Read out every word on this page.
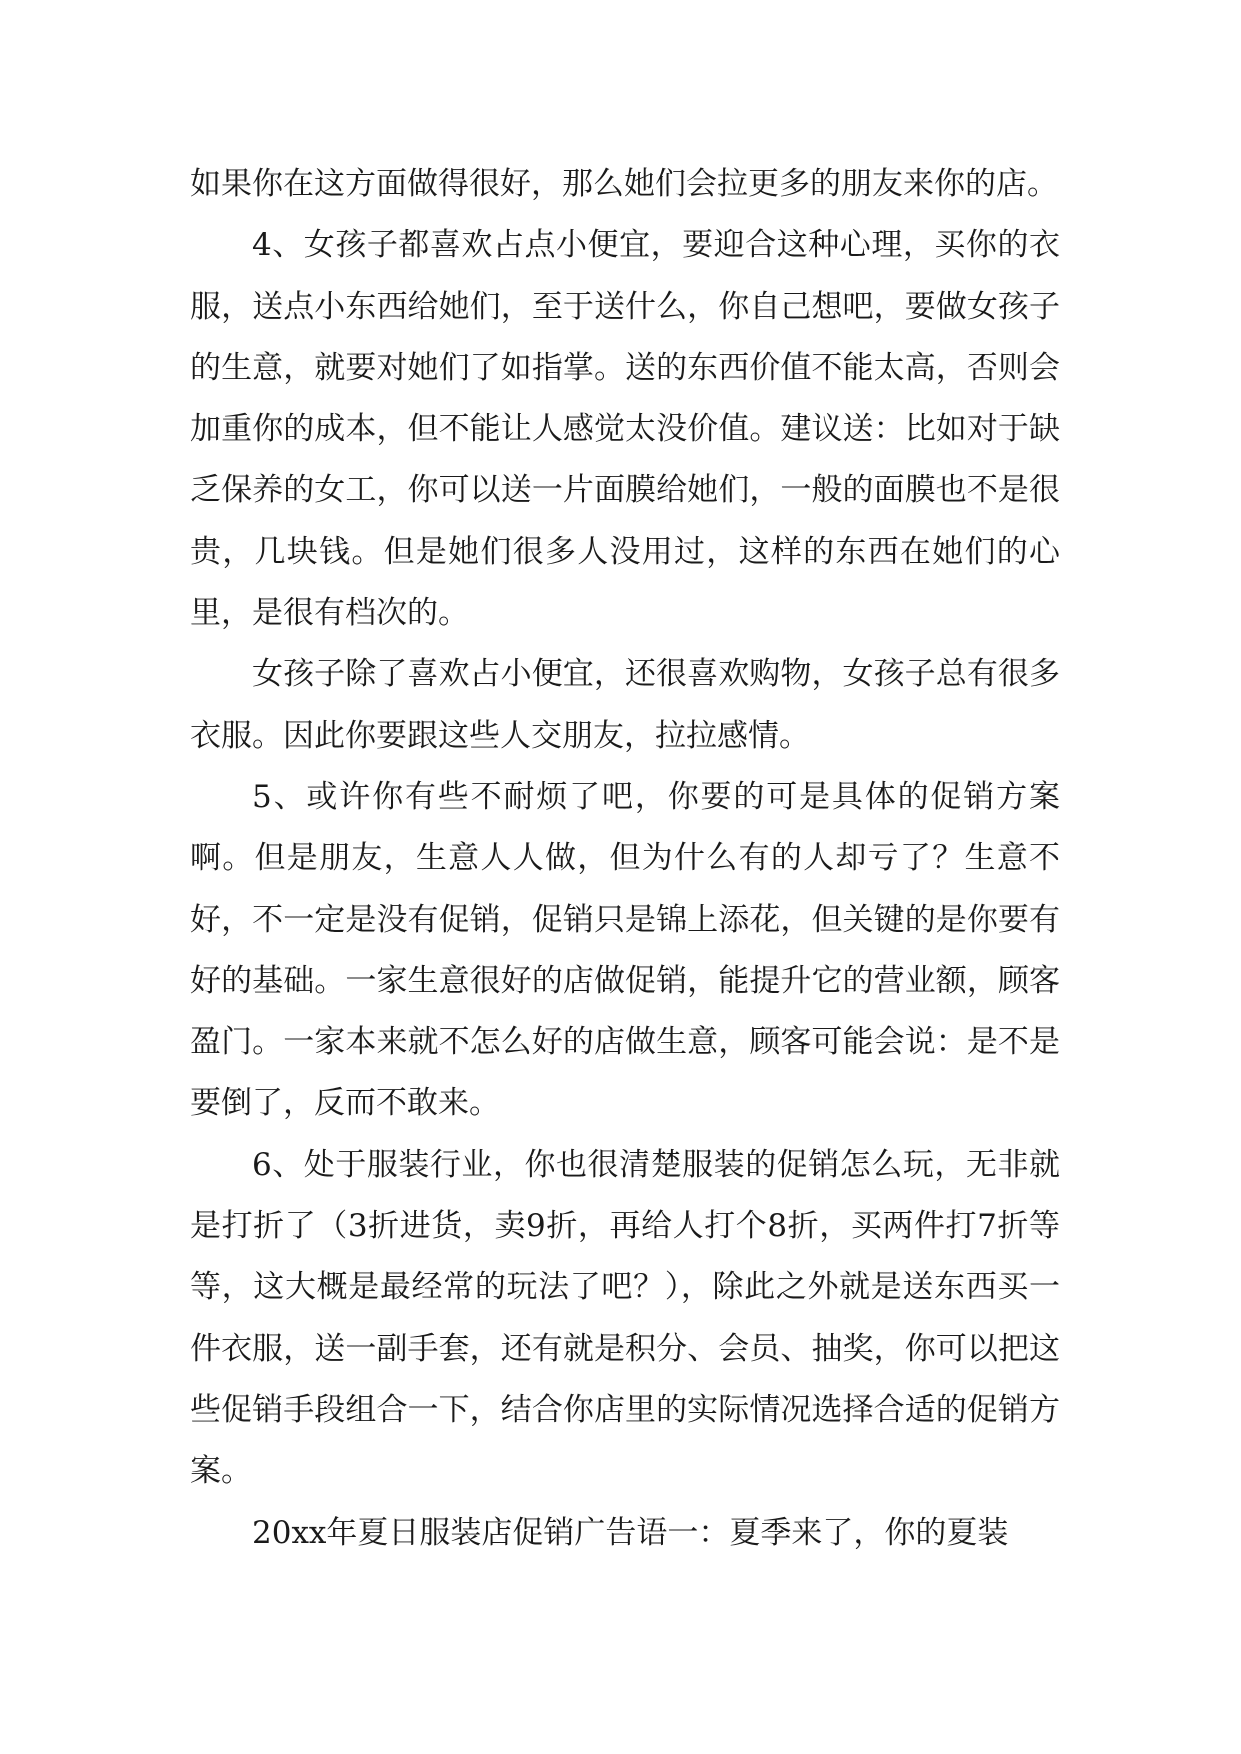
如果你在这方面做得很好，那么她们会拉更多的朋友来你的店。

4、女孩子都喜欢占点小便宜，要迎合这种心理，买你的衣服，送点小东西给她们，至于送什么，你自己想吧，要做女孩子的生意，就要对她们了如指掌。送的东西价值不能太高，否则会加重你的成本，但不能让人感觉太没价值。建议送：比如对于缺乏保养的女工，你可以送一片面膜给她们，一般的面膜也不是很贵，几块钱。但是她们很多人没用过，这样的东西在她们的心里，是很有档次的。

女孩子除了喜欢占小便宜，还很喜欢购物，女孩子总有很多衣服。因此你要跟这些人交朋友，拉拉感情。

5、或许你有些不耐烦了吧，你要的可是具体的促销方案啊。但是朋友，生意人人做，但为什么有的人却亏了？生意不好，不一定是没有促销，促销只是锦上添花，但关键的是你要有好的基础。一家生意很好的店做促销，能提升它的营业额，顾客盈门。一家本来就不怎么好的店做生意，顾客可能会说：是不是要倒了，反而不敢来。

6、处于服装行业，你也很清楚服装的促销怎么玩，无非就是打折了（3折进货，卖9折，再给人打个8折，买两件打7折等等，这大概是最经常的玩法了吧？），除此之外就是送东西买一件衣服，送一副手套，还有就是积分、会员、抽奖，你可以把这些促销手段组合一下，结合你店里的实际情况选择合适的促销方案。

20xx年夏日服装店促销广告语一：夏季来了，你的夏装
